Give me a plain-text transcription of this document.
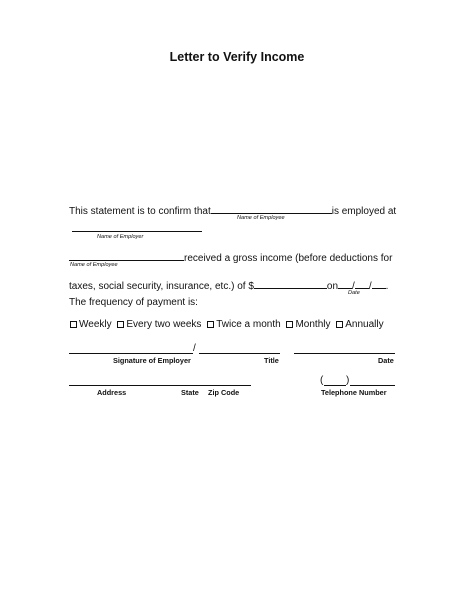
Letter to Verify Income
This statement is to confirm that	is employed at
Name of Employee
Name of Employer
received a gross income (before deductions for
Name of Employee
taxes, social security, insurance, etc.) of $	on / / .
Date
The frequency of payment is:
Weekly Every two weeks Twice a month Monthly Annually
/
Signature of Employer	Title	Date
( )
Address	State Zip Code	Telephone Number
